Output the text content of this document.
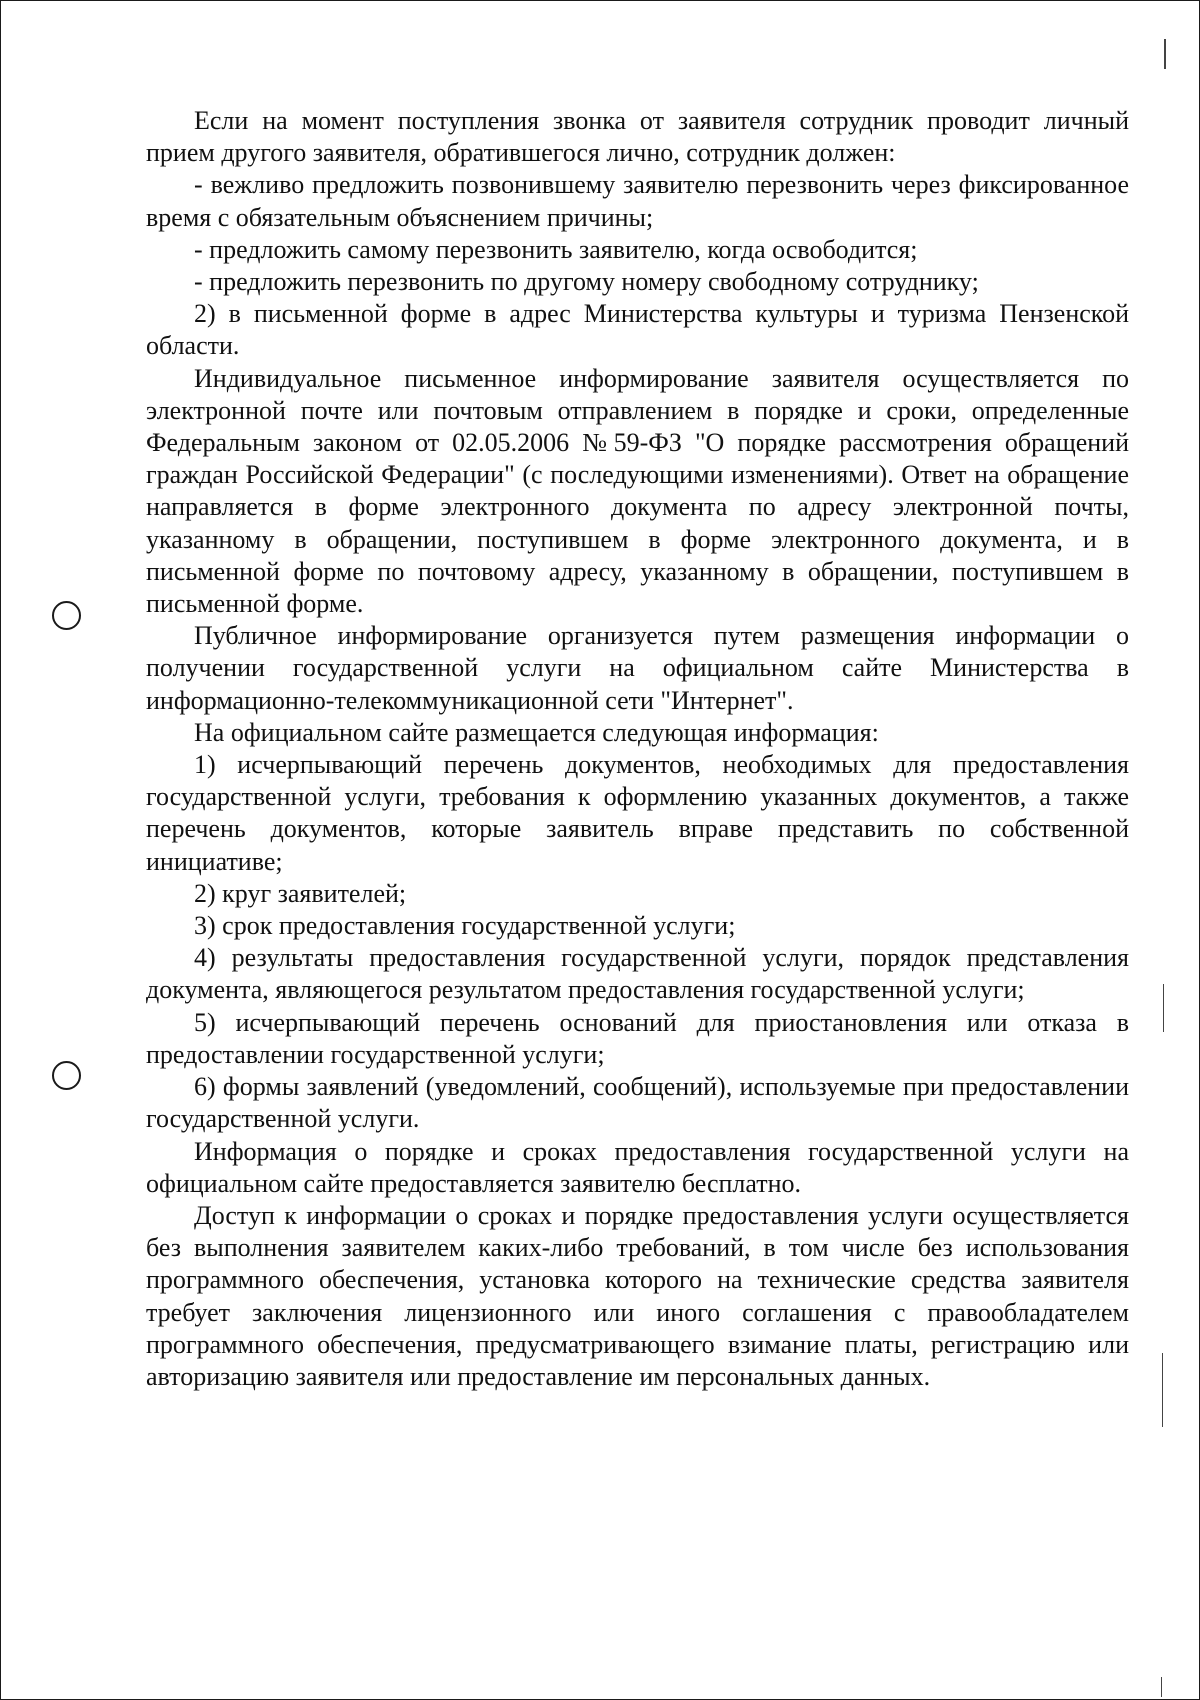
Если на момент поступления звонка от заявителя сотрудник проводит личный прием другого заявителя, обратившегося лично, сотрудник должен:

- вежливо предложить позвонившему заявителю перезвонить через фиксированное время с обязательным объяснением причины;

- предложить самому перезвонить заявителю, когда освободится;

- предложить перезвонить по другому номеру свободному сотруднику;

2) в письменной форме в адрес Министерства культуры и туризма Пензенской области.

Индивидуальное письменное информирование заявителя осуществляется по электронной почте или почтовым отправлением в порядке и сроки, определенные Федеральным законом от 02.05.2006 №59-ФЗ "О порядке рассмотрения обращений граждан Российской Федерации" (с последующими изменениями). Ответ на обращение направляется в форме электронного документа по адресу электронной почты, указанному в обращении, поступившем в форме электронного документа, и в письменной форме по почтовому адресу, указанному в обращении, поступившем в письменной форме.

Публичное информирование организуется путем размещения информации о получении государственной услуги на официальном сайте Министерства в информационно-телекоммуникационной сети "Интернет".

На официальном сайте размещается следующая информация:

1) исчерпывающий перечень документов, необходимых для предоставления государственной услуги, требования к оформлению указанных документов, а также перечень документов, которые заявитель вправе представить по собственной инициативе;

2) круг заявителей;

3) срок предоставления государственной услуги;

4) результаты предоставления государственной услуги, порядок представления документа, являющегося результатом предоставления государственной услуги;

5) исчерпывающий перечень оснований для приостановления или отказа в предоставлении государственной услуги;

6) формы заявлений (уведомлений, сообщений), используемые при предоставлении государственной услуги.

Информация о порядке и сроках предоставления государственной услуги на официальном сайте предоставляется заявителю бесплатно.

Доступ к информации о сроках и порядке предоставления услуги осуществляется без выполнения заявителем каких-либо требований, в том числе без использования программного обеспечения, установка которого на технические средства заявителя требует заключения лицензионного или иного соглашения с правообладателем программного обеспечения, предусматривающего взимание платы, регистрацию или авторизацию заявителя или предоставление им персональных данных.
